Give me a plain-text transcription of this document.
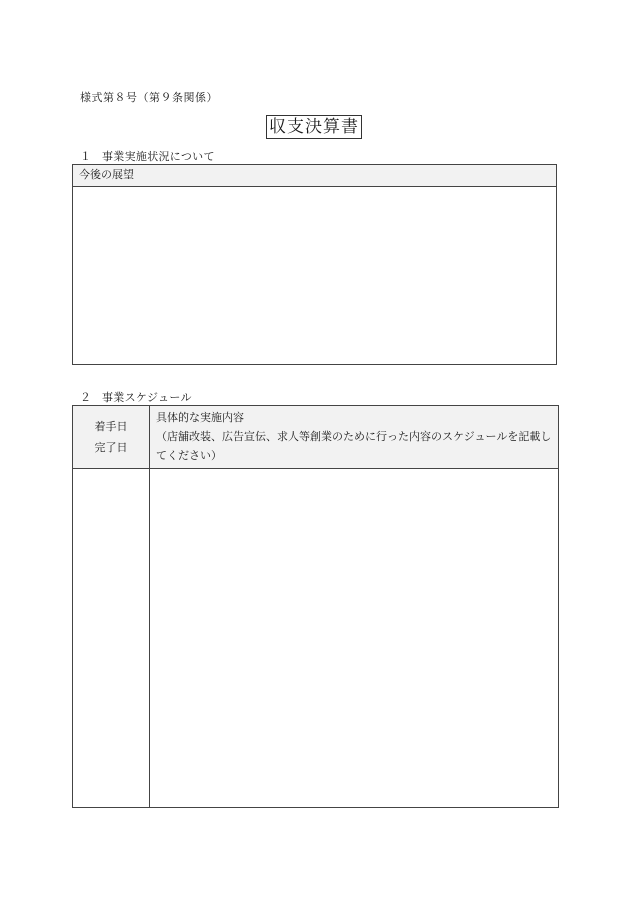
様式第８号（第９条関係）
収支決算書
１ 事業実施状況について
今後の展望
２ 事業スケジュール
着手日
完了日
具体的な実施内容
（店舗改装、広告宣伝、求人等創業のために行った内容のスケジュールを記載してください）
